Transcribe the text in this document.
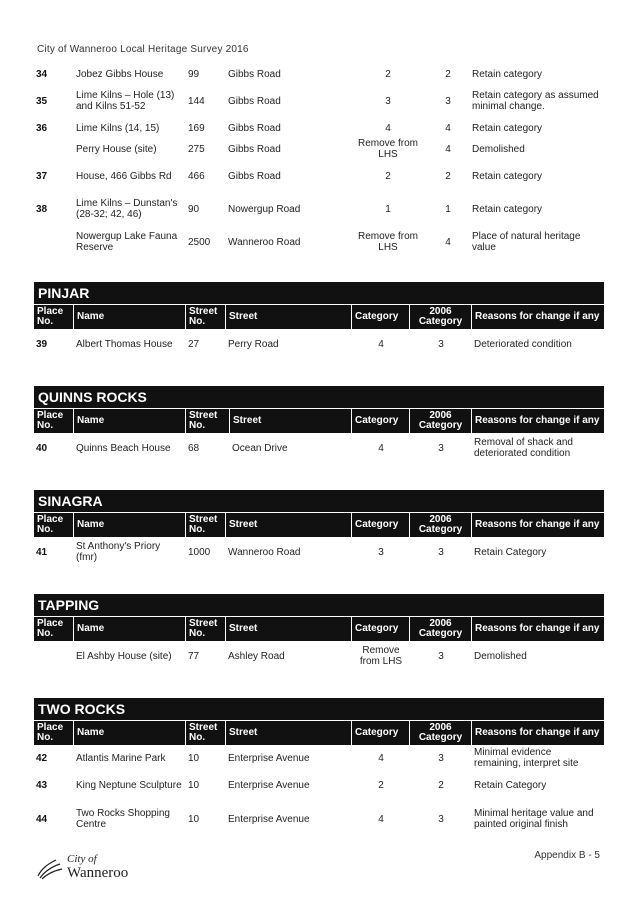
City of Wanneroo Local Heritage Survey 2016
34	Jobez Gibbs House	99	Gibbs Road	2	2	Retain category
35	Lime Kilns – Hole (13) and Kilns 51-52	144	Gibbs Road	3	3	Retain category as assumed minimal change.
36	Lime Kilns (14, 15)	169	Gibbs Road	4	4	Retain category
	Perry House (site)	275	Gibbs Road	Remove from LHS	4	Demolished
37	House, 466 Gibbs Rd	466	Gibbs Road	2	2	Retain category
38	Lime Kilns – Dunstan's (28-32; 42, 46)	90	Nowergup Road	1	1	Retain category
	Nowergup Lake Fauna Reserve	2500	Wanneroo Road	Remove from LHS	4	Place of natural heritage value
PINJAR
Place No.	Name	Street No.	Street	Category	2006 Category	Reasons for change if any
39	Albert Thomas House	27	Perry Road	4	3	Deteriorated condition
QUINNS ROCKS
Place No.	Name	Street No.	Street	Category	2006 Category	Reasons for change if any
40	Quinns Beach House	68	Ocean Drive	4	3	Removal of shack and deteriorated condition
SINAGRA
Place No.	Name	Street No.	Street	Category	2006 Category	Reasons for change if any
41	St Anthony's Priory (fmr)	1000	Wanneroo Road	3	3	Retain Category
TAPPING
Place No.	Name	Street No.	Street	Category	2006 Category	Reasons for change if any
	El Ashby House (site)	77	Ashley Road	Remove from LHS	3	Demolished
TWO ROCKS
Place No.	Name	Street No.	Street	Category	2006 Category	Reasons for change if any
42	Atlantis Marine Park	10	Enterprise Avenue	4	3	Minimal evidence remaining, interpret site
43	King Neptune Sculpture	10	Enterprise Avenue	2	2	Retain Category
44	Two Rocks Shopping Centre	10	Enterprise Avenue	4	3	Minimal heritage value and painted original finish
City of
Wanneroo
Appendix B - 5
